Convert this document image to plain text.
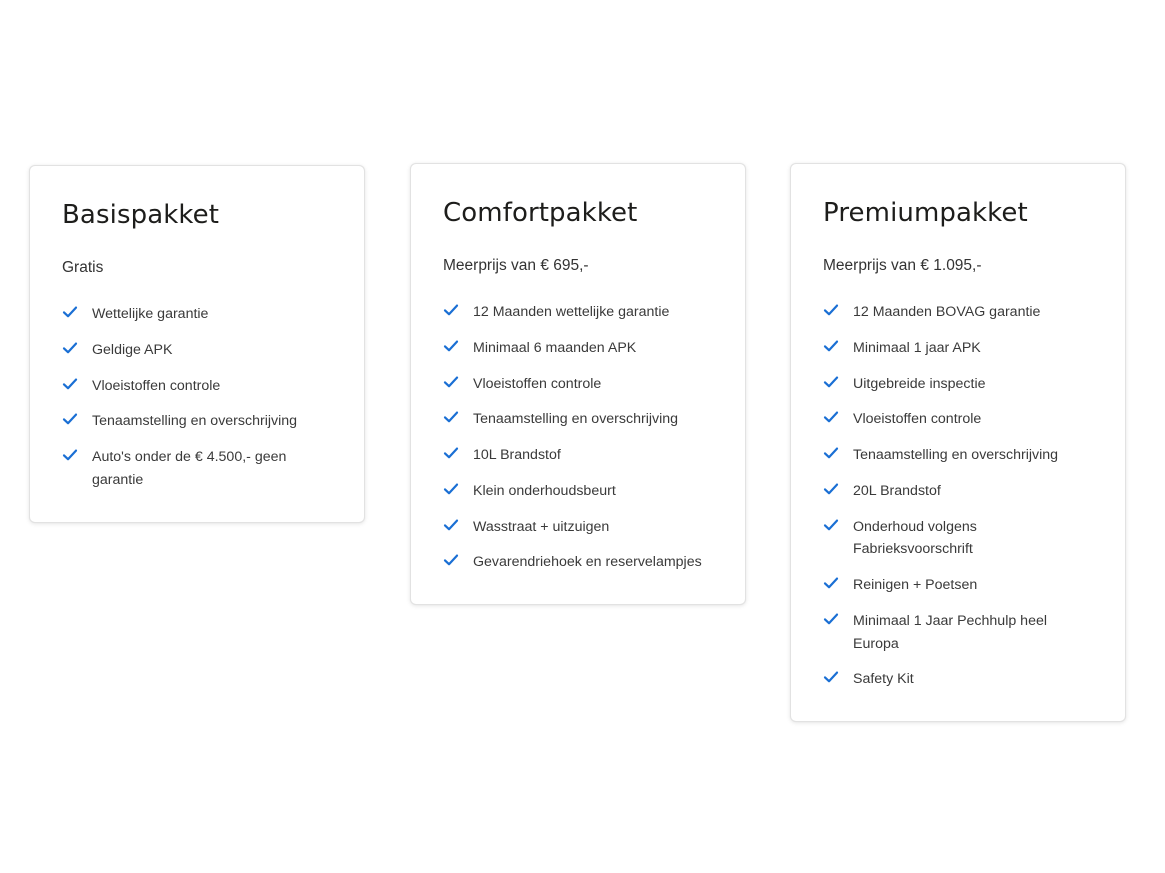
Basispakket

Gratis

Wettelijke garantie
Geldige APK
Vloeistoffen controle
Tenaamstelling en overschrijving
Auto's onder de € 4.500,- geen garantie
Comfortpakket

Meerprijs van € 695,-

12 Maanden wettelijke garantie
Minimaal 6 maanden APK
Vloeistoffen controle
Tenaamstelling en overschrijving
10L Brandstof
Klein onderhoudsbeurt
Wasstraat + uitzuigen
Gevarendriehoek en reservelampjes
Premiumpakket

Meerprijs van € 1.095,-

12 Maanden BOVAG garantie
Minimaal 1 jaar APK
Uitgebreide inspectie
Vloeistoffen controle
Tenaamstelling en overschrijving
20L Brandstof
Onderhoud volgens Fabrieksvoorschrift
Reinigen + Poetsen
Minimaal 1 Jaar Pechhulp heel Europa
Safety Kit
